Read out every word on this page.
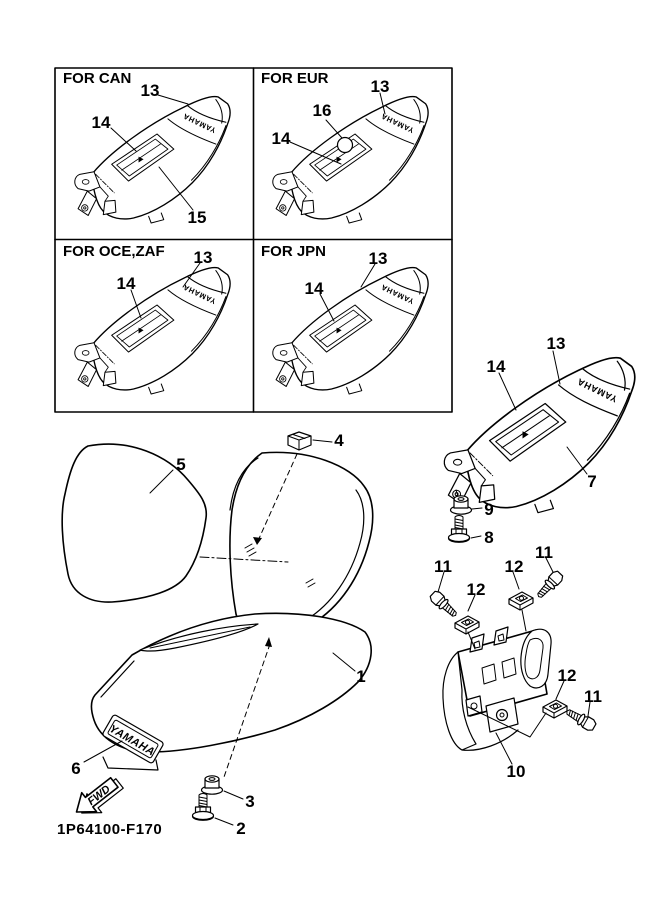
YAMAHA
FOR CAN	FOR EUR
FOR OCE,ZAF	FOR JPN
13
14
15
13
16
14
13
14
13
14
13
14
7
9
8
4
5
YAMAHA
1
6
3
2
11
12
12
11
12
11
10
FWD
1P64100-F170
